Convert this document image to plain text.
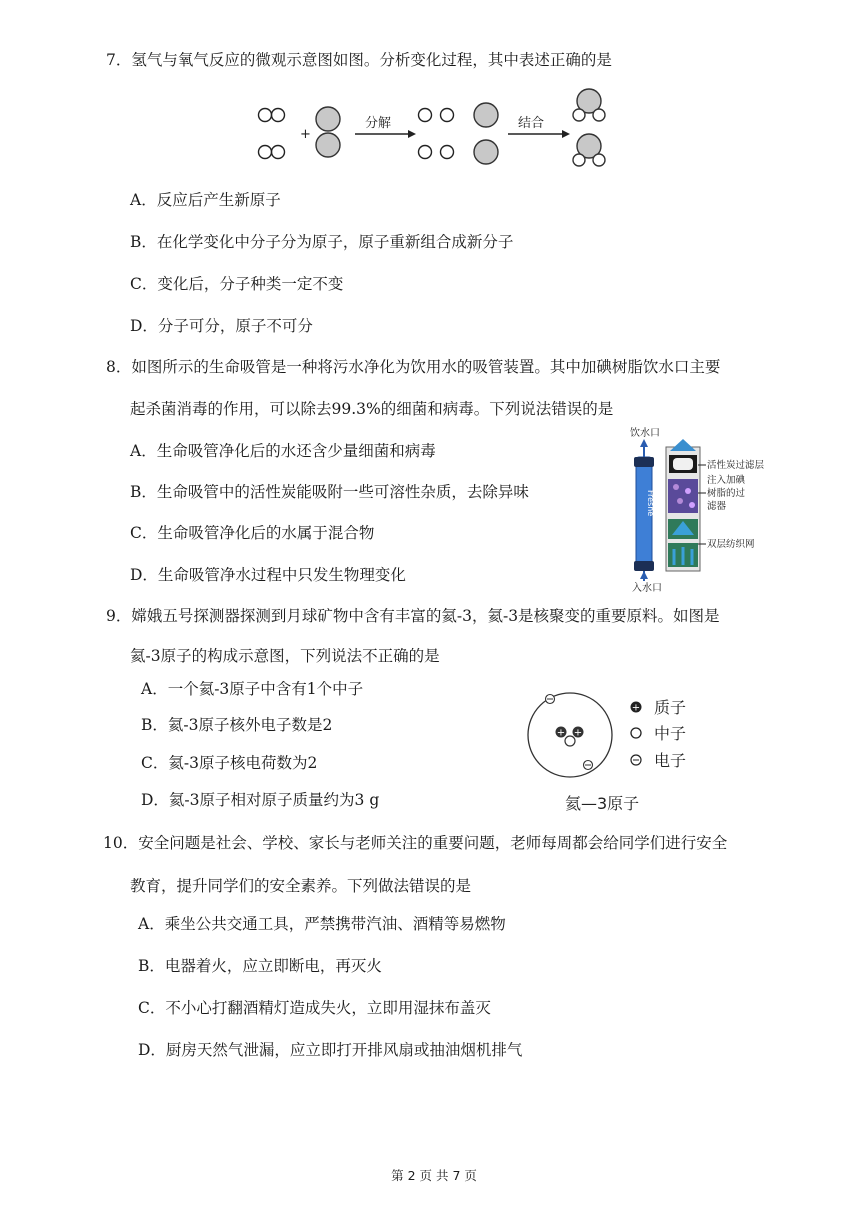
7．氢气与氧气反应的微观示意图如图。分析变化过程，其中表述正确的是
+
分解	结合
A．反应后产生新原子
B．在化学变化中分子分为原子，原子重新组合成新分子
C．变化后，分子种类一定不变
D．分子可分，原子不可分
8．如图所示的生命吸管是一种将污水净化为饮用水的吸管装置。其中加碘树脂饮水口主要
起杀菌消毒的作用，可以除去99.3%的细菌和病毒。下列说法错误的是
A．生命吸管净化后的水还含少量细菌和病毒
B．生命吸管中的活性炭能吸附一些可溶性杂质，去除异味
C．生命吸管净化后的水属于混合物
D．生命吸管净水过程中只发生物理变化
饮水口
Freshe
入水口
活性炭过滤层
注入加碘
树脂的过
滤器
双层纺织网
9．嫦娥五号探测器探测到月球矿物中含有丰富的氦-3，氦-3是核聚变的重要原料。如图是
氦-3原子的构成示意图，下列说法不正确的是
A．一个氦-3原子中含有1个中子
B．氦-3原子核外电子数是2
C．氦-3原子核电荷数为2
D．氦-3原子相对原子质量约为3 g
+ +
+ 质子
中子
电子
氦—3原子
10．安全问题是社会、学校、家长与老师关注的重要问题，老师每周都会给同学们进行安全
教育，提升同学们的安全素养。下列做法错误的是
A．乘坐公共交通工具，严禁携带汽油、酒精等易燃物
B．电器着火，应立即断电，再灭火
C．不小心打翻酒精灯造成失火，立即用湿抹布盖灭
D．厨房天然气泄漏，应立即打开排风扇或抽油烟机排气
第 2 页 共 7 页
